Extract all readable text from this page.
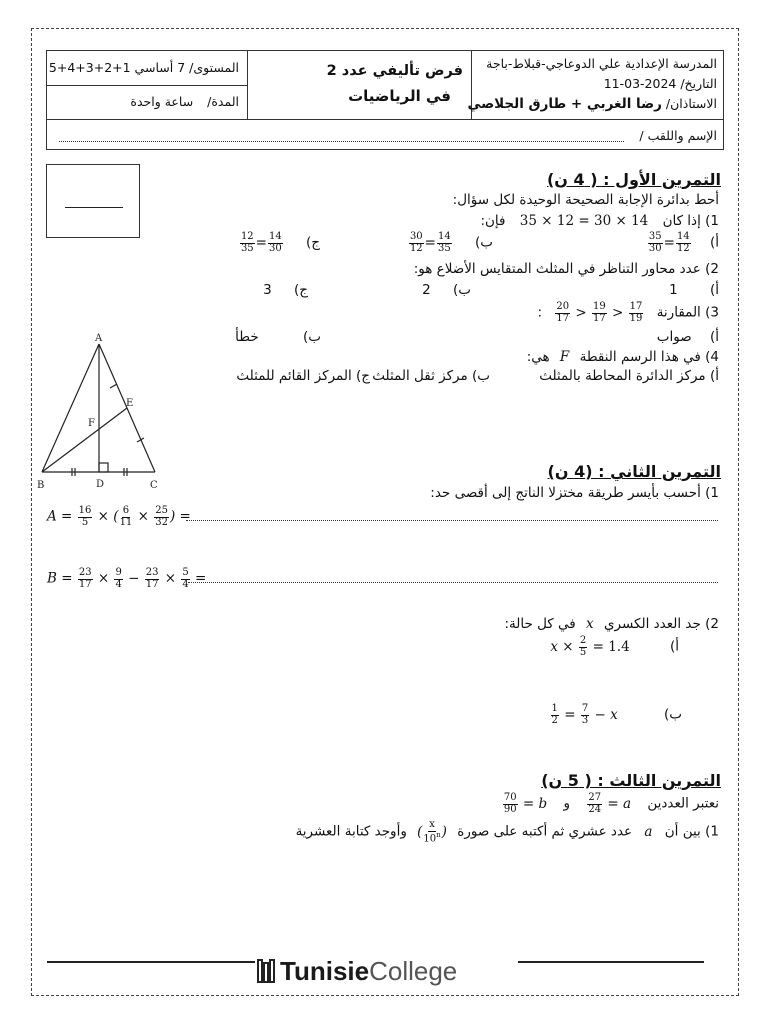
المدرسة الإعدادية علي الدوعاجي-قبلاط-باجة
التاريخ/ 2024-03-11
الاستاذان/ رضا الغربي + طارق الجلاصي
فرض تأليفي عدد 2
في الرياضيات
المستوى/ 7 أساسي 1+2+3+4+5
المدة/ ساعة واحدة
الإسم واللقب /
التمرين الأول : ( 4 ن)
أحط بدائرة الإجابة الصحيحة الوحيدة لكل سؤال:
1) إذا كان 14 × 30 = 12 × 35 فإن:
أ)
$\frac{14}{12}$
=
$\frac{35}{30}$
ب)
$\frac{14}{35}$
=
$\frac{30}{12}$
ج)
$\frac{14}{30}$
=
$\frac{12}{35}$
2) عدد محاور التناظر في المثلث المتقايس الأضلاع هو:
أ) 1
ب) 2
ج) 3
3) المقارنة
$\frac{17}{19}$
<
$\frac{19}{17}$
<
$\frac{20}{17}$
:
أ) صواب
ب) خطأ
4) في هذا الرسم النقطة F هي:
أ) مركز الدائرة المحاطة بالمثلث
ب) مركز ثقل المثلث
ج) المركز القائم للمثلث
A
B	C
D
E
F
التمرين الثاني : (4 ن)
1) أحسب بأيسر طريقة مختزلا الناتج إلى أقصى حد:
$A = \frac{16}{5}$ × ( $\frac{6}{11} \times \frac{25}{32}$ ) =
$B = \frac{23}{17} \times \frac{9}{4} - \frac{23}{17} \times \frac{5}{4}$ =
2) جد العدد الكسري x في كل حالة:
أ) $x \times \frac{2}{5} = 1.4$
ب) x −
$\frac{7}{3}$
=
$\frac{1}{2}$
التمرين الثالث : ( 5 ن)
نعتبر العددين a =
$\frac{27}{24}$
و b =
$\frac{70}{90}$
1) بين أن a عدد عشري ثم أكتبه على صورة (
$\frac{x}{10^n}$
) وأوجد كتابة العشرية
TunisieCollege
